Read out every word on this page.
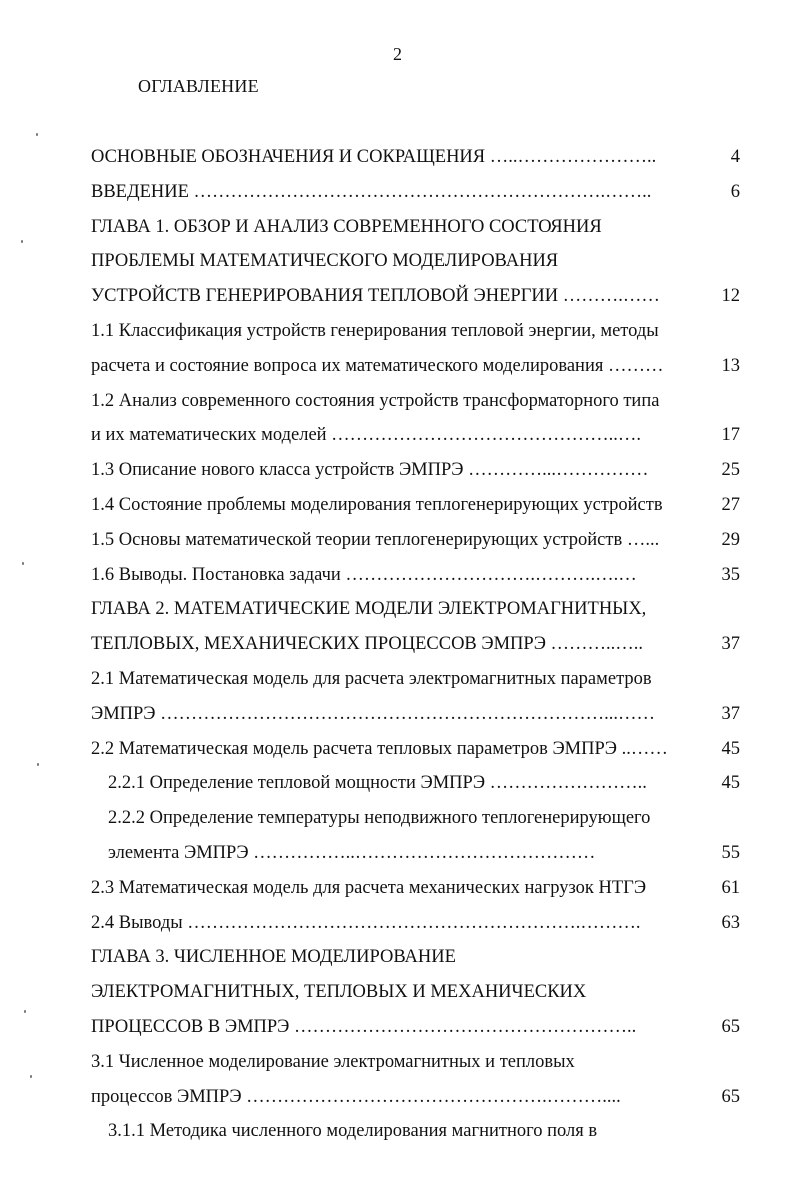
2
ОГЛАВЛЕНИЕ
ОСНОВНЫЕ ОБОЗНАЧЕНИЯ И СОКРАЩЕНИЯ …..…………………..	4
ВВЕДЕНИЕ ………………………………………………………….……..	6
ГЛАВА 1. ОБЗОР И АНАЛИЗ СОВРЕМЕННОГО СОСТОЯНИЯ
ПРОБЛЕМЫ МАТЕМАТИЧЕСКОГО МОДЕЛИРОВАНИЯ
УСТРОЙСТВ ГЕНЕРИРОВАНИЯ ТЕПЛОВОЙ ЭНЕРГИИ ……….……	12
1.1 Классификация устройств генерирования тепловой энергии, методы
расчета и состояние вопроса их математического моделирования ………	13
1.2 Анализ современного состояния устройств трансформаторного типа
и их математических моделей ………………………………………..….	17
1.3 Описание нового класса устройств ЭМПРЭ …………...……………	25
1.4 Состояние проблемы моделирования теплогенерирующих устройств	27
1.5 Основы математической теории теплогенерирующих устройств …...	29
1.6 Выводы. Постановка задачи ………………………….……….….…	35
ГЛАВА 2. МАТЕМАТИЧЕСКИЕ МОДЕЛИ ЭЛЕКТРОМАГНИТНЫХ,
ТЕПЛОВЫХ, МЕХАНИЧЕСКИХ ПРОЦЕССОВ ЭМПРЭ ………..…..	37
2.1 Математическая модель для расчета электромагнитных параметров
ЭМПРЭ ………………………………………………………………...……	37
2.2 Математическая модель расчета тепловых параметров ЭМПРЭ ..……	45
2.2.1 Определение тепловой мощности ЭМПРЭ ……………………..	45
2.2.2 Определение температуры неподвижного теплогенерирующего
элемента ЭМПРЭ ……………..…………………………………	55
2.3 Математическая модель для расчета механических нагрузок НТГЭ	61
2.4 Выводы ……………………………………………………….……….	63
ГЛАВА 3. ЧИСЛЕННОЕ МОДЕЛИРОВАНИЕ
ЭЛЕКТРОМАГНИТНЫХ, ТЕПЛОВЫХ И МЕХАНИЧЕСКИХ
ПРОЦЕССОВ В ЭМПРЭ ………………………………………………..	65
3.1 Численное моделирование электромагнитных и тепловых
процессов ЭМПРЭ ………………………………………….………....	65
3.1.1 Методика численного моделирования магнитного поля в
